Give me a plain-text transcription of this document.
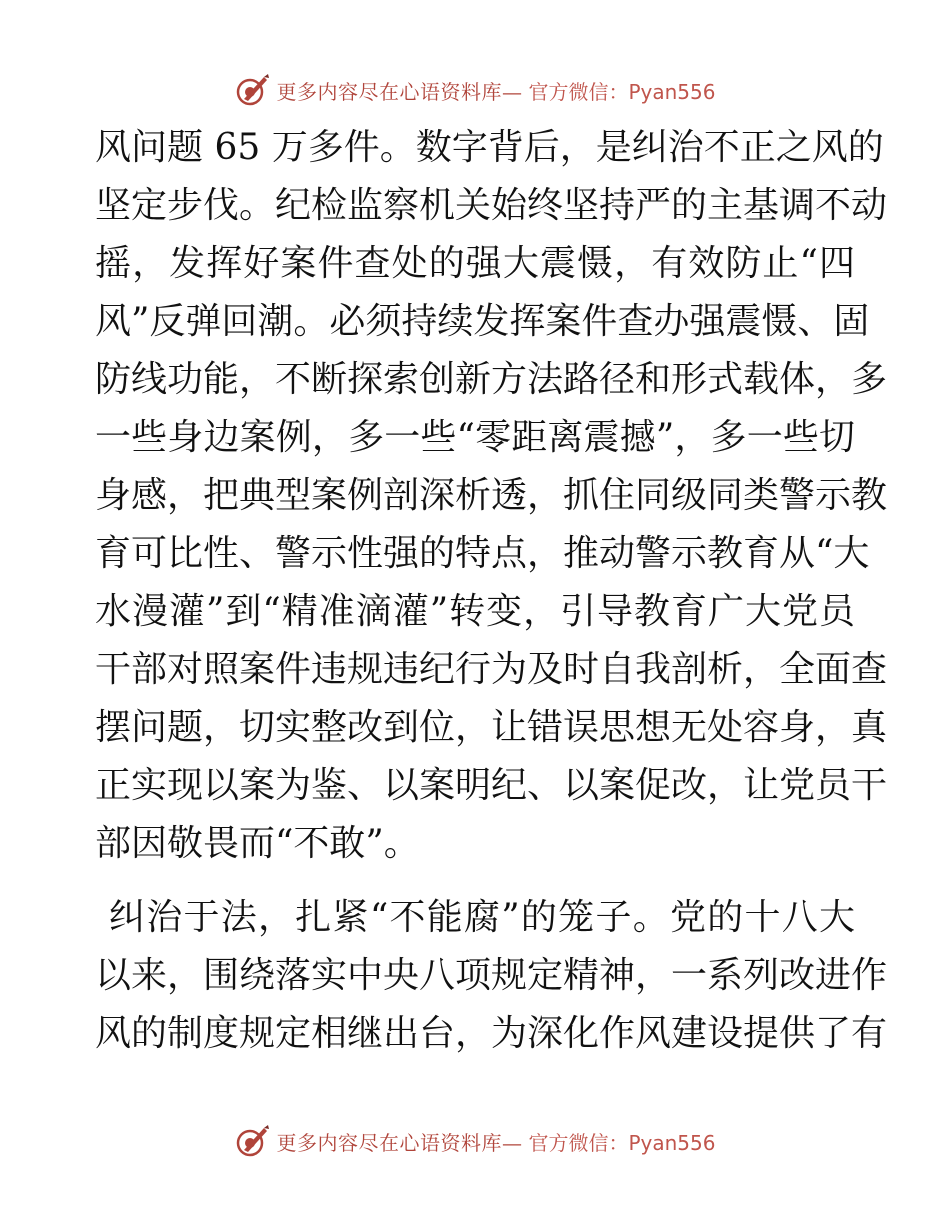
更多内容尽在心语资料库— 官方微信：Pyan556
风问题 65 万多件。数字背后，是纠治不正之风的
坚定步伐。纪检监察机关始终坚持严的主基调不动
摇，发挥好案件查处的强大震慑，有效防止“四
风”反弹回潮。必须持续发挥案件查办强震慑、固
防线功能，不断探索创新方法路径和形式载体，多
一些身边案例，多一些“零距离震撼”，多一些切
身感，把典型案例剖深析透，抓住同级同类警示教
育可比性、警示性强的特点，推动警示教育从“大
水漫灌”到“精准滴灌”转变，引导教育广大党员
干部对照案件违规违纪行为及时自我剖析，全面查
摆问题，切实整改到位，让错误思想无处容身，真
正实现以案为鉴、以案明纪、以案促改，让党员干
部因敬畏而“不敢”。
纠治于法，扎紧“不能腐”的笼子。党的十八大
以来，围绕落实中央八项规定精神，一系列改进作
风的制度规定相继出台，为深化作风建设提供了有
更多内容尽在心语资料库— 官方微信：Pyan556
